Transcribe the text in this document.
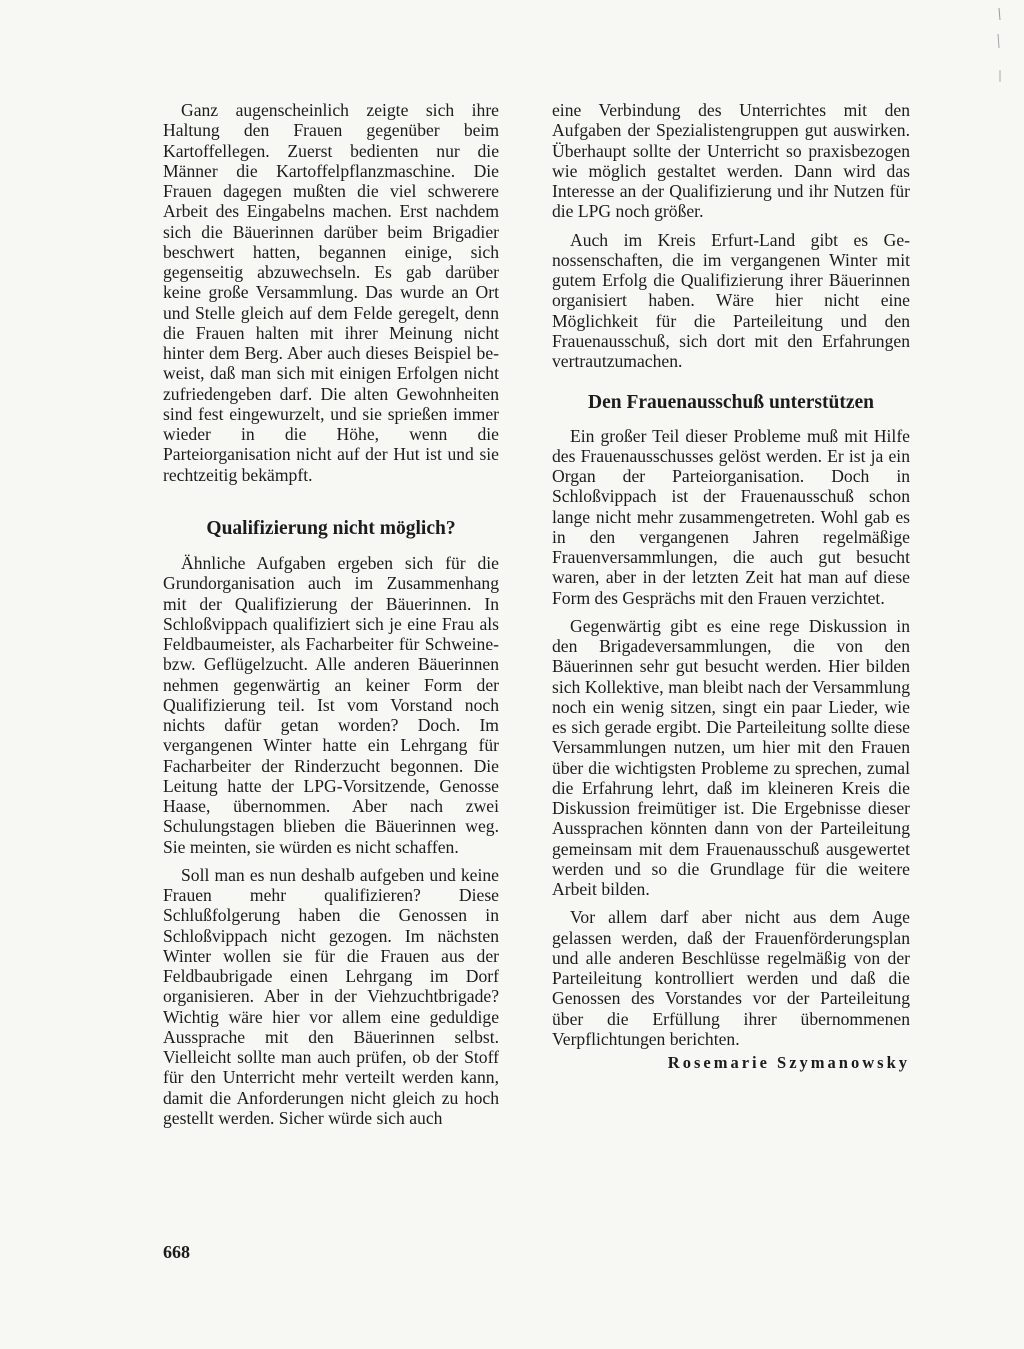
Ganz augenscheinlich zeigte sich ihre Haltung den Frauen gegenüber beim Kartoffellegen. Zuerst bedienten nur die Männer die Kartoffelpflanzmaschine. Die Frauen dagegen mußten die viel schwerere Arbeit des Eingabelns machen. Erst nachdem sich die Bäuerinnen darüber beim Brigadier beschwert hatten, begannen einige, sich gegenseitig abzuwechseln. Es gab darüber keine große Versammlung. Das wurde an Ort und Stelle gleich auf dem Felde geregelt, denn die Frauen halten mit ihrer Meinung nicht hinter dem Berg. Aber auch dieses Beispiel beweist, daß man sich mit einigen Erfolgen nicht zufriedengeben darf. Die alten Gewohnheiten sind fest eingewurzelt, und sie sprießen immer wieder in die Höhe, wenn die Parteiorganisation nicht auf der Hut ist und sie rechtzeitig bekämpft.

Qualifizierung nicht möglich?

Ähnliche Aufgaben ergeben sich für die Grundorganisation auch im Zusammenhang mit der Qualifizierung der Bäuerinnen. In Schloßvippach qualifiziert sich je eine Frau als Feldbaumeister, als Facharbeiter für Schweine- bzw. Geflügelzucht. Alle anderen Bäuerinnen nehmen gegenwärtig an keiner Form der Qualifizierung teil. Ist vom Vorstand noch nichts dafür getan worden? Doch. Im vergangenen Winter hatte ein Lehrgang für Facharbeiter der Rinderzucht begonnen. Die Leitung hatte der LPG-Vorsitzende, Genosse Haase, übernommen. Aber nach zwei Schulungstagen blieben die Bäuerinnen weg. Sie meinten, sie würden es nicht schaffen.

Soll man es nun deshalb aufgeben und keine Frauen mehr qualifizieren? Diese Schlußfolgerung haben die Genossen in Schloßvippach nicht gezogen. Im nächsten Winter wollen sie für die Frauen aus der Feldbaubrigade einen Lehrgang im Dorf organisieren. Aber in der Viehzuchtbrigade? Wichtig wäre hier vor allem eine geduldige Aussprache mit den Bäuerinnen selbst. Vielleicht sollte man auch prüfen, ob der Stoff für den Unterricht mehr verteilt werden kann, damit die Anforderungen nicht gleich zu hoch gestellt werden. Sicher würde sich auch

eine Verbindung des Unterrichtes mit den Aufgaben der Spezialistengruppen gut auswirken. Überhaupt sollte der Unterricht so praxisbezogen wie möglich gestaltet werden. Dann wird das Interesse an der Qualifizierung und ihr Nutzen für die LPG noch größer.

Auch im Kreis Erfurt-Land gibt es Genossenschaften, die im vergangenen Winter mit gutem Erfolg die Qualifizierung ihrer Bäuerinnen organisiert haben. Wäre hier nicht eine Möglichkeit für die Parteileitung und den Frauenausschuß, sich dort mit den Erfahrungen vertrautzumachen.

Den Frauenausschuß unterstützen

Ein großer Teil dieser Probleme muß mit Hilfe des Frauenausschusses gelöst werden. Er ist ja ein Organ der Parteiorganisation. Doch in Schloßvippach ist der Frauenausschuß schon lange nicht mehr zusammengetreten. Wohl gab es in den vergangenen Jahren regelmäßige Frauenversammlungen, die auch gut besucht waren, aber in der letzten Zeit hat man auf diese Form des Gesprächs mit den Frauen verzichtet.

Gegenwärtig gibt es eine rege Diskussion in den Brigadeversammlungen, die von den Bäuerinnen sehr gut besucht werden. Hier bilden sich Kollektive, man bleibt nach der Versammlung noch ein wenig sitzen, singt ein paar Lieder, wie es sich gerade ergibt. Die Parteileitung sollte diese Versammlungen nutzen, um hier mit den Frauen über die wichtigsten Probleme zu sprechen, zumal die Erfahrung lehrt, daß im kleineren Kreis die Diskussion freimütiger ist. Die Ergebnisse dieser Aussprachen könnten dann von der Parteileitung gemeinsam mit dem Frauenausschuß ausgewertet werden und so die Grundlage für die weitere Arbeit bilden.

Vor allem darf aber nicht aus dem Auge gelassen werden, daß der Frauenförderungsplan und alle anderen Beschlüsse regelmäßig von der Parteileitung kontrolliert werden und daß die Genossen des Vorstandes vor der Parteileitung über die Erfüllung ihrer übernommenen Verpflichtungen berichten.

Rosemarie Szymanowsky
668
